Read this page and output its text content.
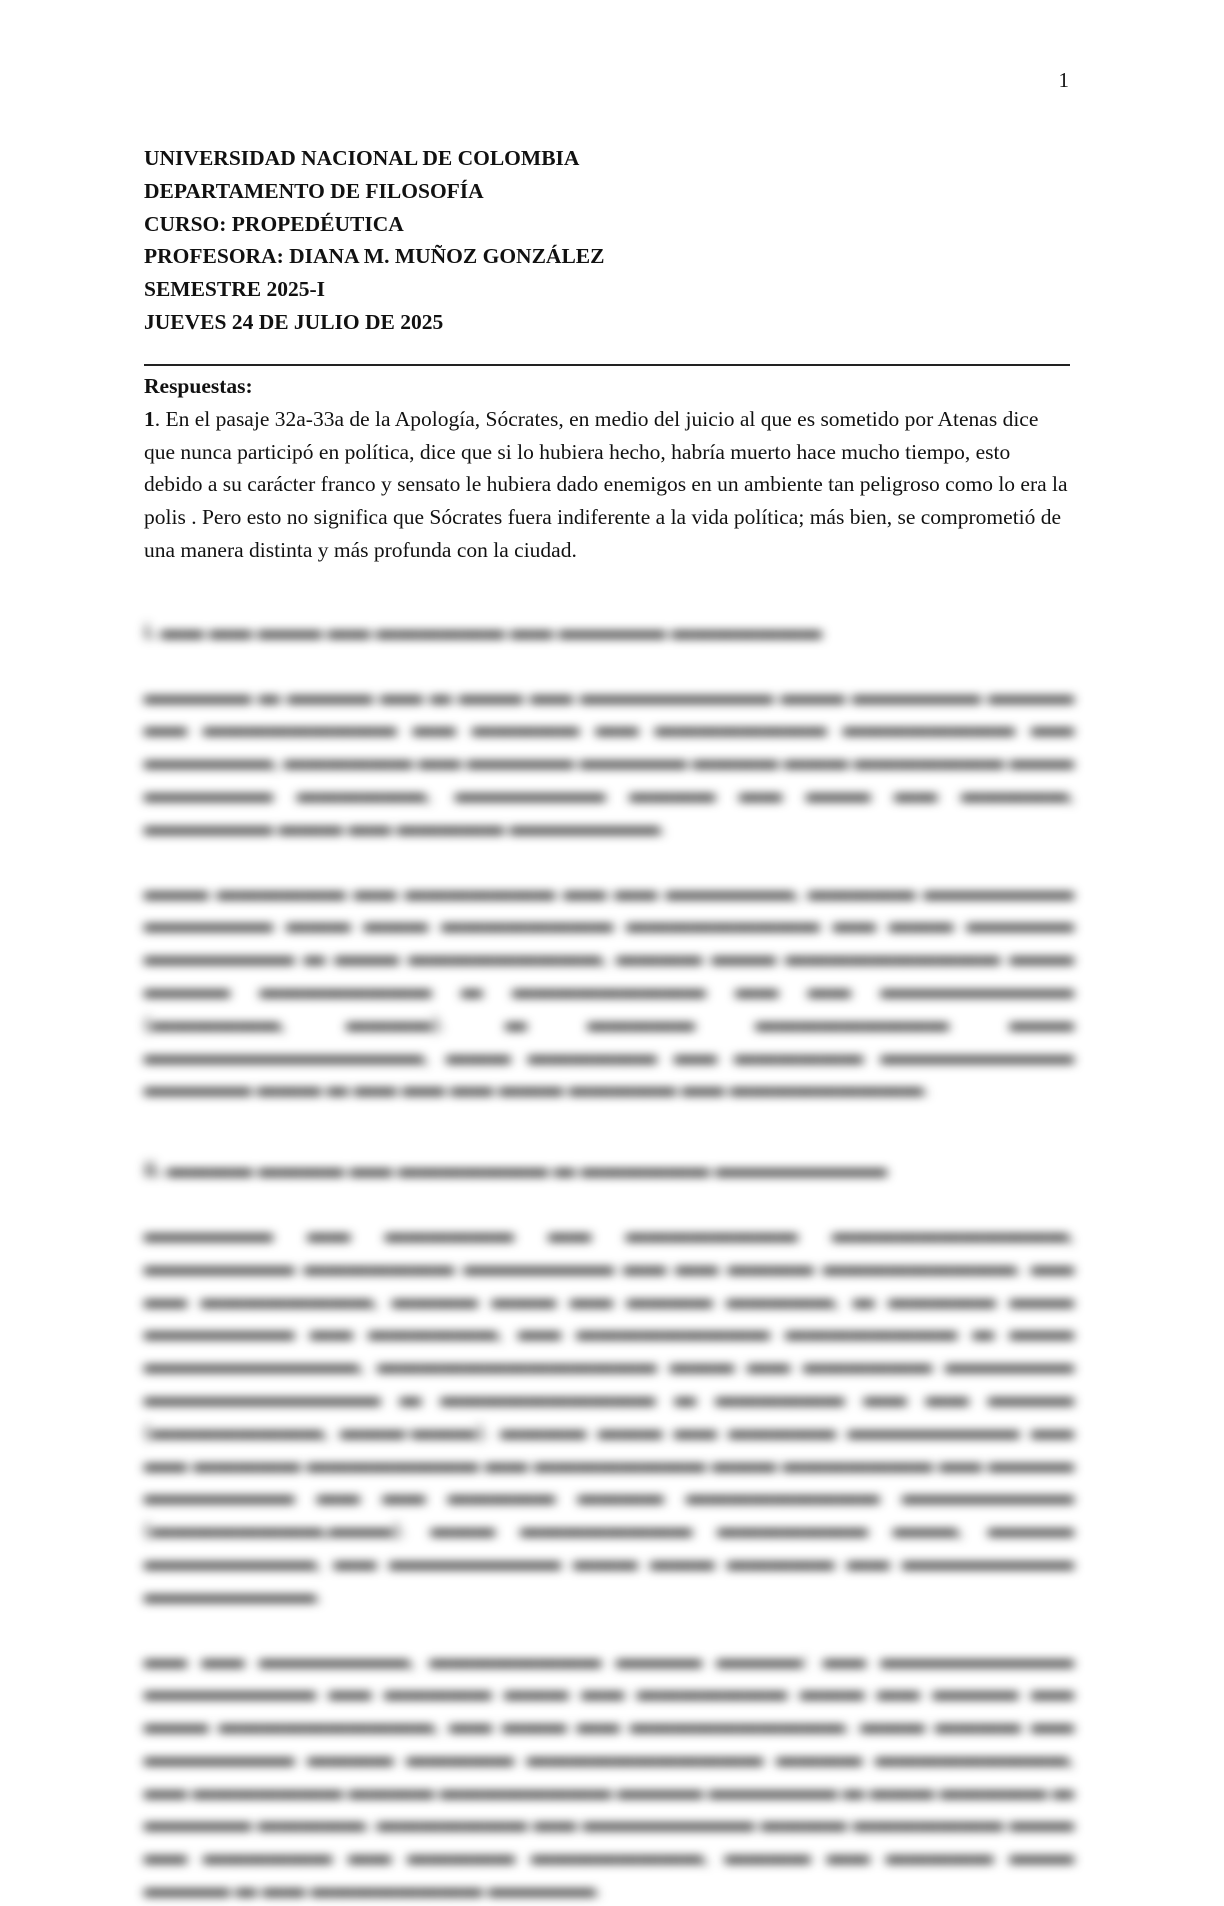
1
UNIVERSIDAD NACIONAL DE COLOMBIA
DEPARTAMENTO DE FILOSOFÍA
CURSO: PROPEDÉUTICA
PROFESORA: DIANA M. MUÑOZ GONZÁLEZ
SEMESTRE 2025-I
JUEVES 24 DE JULIO DE 2025

Respuestas:

1. En el pasaje 32a-33a de la Apología, Sócrates, en medio del juicio al que es sometido por Atenas dice que nunca participó en política, dice que si lo hubiera hecho, habría muerto hace mucho tiempo, esto debido a su carácter franco y sensato le hubiera dado enemigos en un ambiente tan peligroso como lo era la polis . Pero esto no significa que Sócrates fuera indiferente a la vida política; más bien, se comprometió de una manera distinta y más profunda con la ciudad.

i. ▬▬ ▬▬ ▬▬▬ ▬▬ ▬▬▬▬▬▬ ▬▬ ▬▬▬▬▬ ▬▬▬▬▬▬▬

▬▬▬▬▬ ▬ ▬▬▬▬ ▬▬ ▬ ▬▬▬ ▬▬ ▬▬▬▬▬▬▬▬▬ ▬▬▬ ▬▬▬▬▬▬ ▬▬▬▬ ▬▬ ▬▬▬▬▬▬▬▬▬ ▬▬ ▬▬▬▬▬ ▬▬ ▬▬▬▬▬▬▬▬ ▬▬▬▬▬▬▬▬ ▬▬ ▬▬▬▬▬▬, ▬▬▬▬▬▬ ▬▬ ▬▬▬▬▬ ▬▬▬▬▬ ▬▬▬▬ ▬▬▬ ▬▬▬▬▬▬▬ ▬▬▬ ▬▬▬▬▬▬ ▬▬▬▬▬▬, ▬▬▬▬▬▬▬ ▬▬▬▬ ▬▬ ▬▬▬ ▬▬ ▬▬▬▬▬, ▬▬▬▬▬▬ ▬▬▬ ▬▬ ▬▬▬▬▬ ▬▬▬▬▬▬▬.

▬▬▬ ▬▬▬▬▬▬ ▬▬ ▬▬▬▬▬▬▬ ▬▬ ▬▬ ▬▬▬▬▬▬, ▬▬▬▬▬ ▬▬▬▬▬▬▬ ▬▬▬▬▬▬ ▬▬▬ ▬▬▬ ▬▬▬▬▬▬▬▬ ▬▬▬▬▬▬▬▬▬ ▬▬ ▬▬▬ ▬▬▬▬▬ ▬▬▬▬▬▬▬ ▬ ▬▬▬ ▬▬▬▬▬▬▬▬▬, ▬▬▬▬ ▬▬▬ ▬▬▬▬▬▬▬▬▬▬ ▬▬▬ ▬▬▬▬ ▬▬▬▬▬▬▬▬ ▬ ▬▬▬▬▬▬▬▬▬ ▬▬ ▬▬ ▬▬▬▬▬▬▬▬▬ (▬▬▬▬▬▬, ▬▬▬▬). ▬ ▬▬▬▬▬ ▬▬▬▬▬▬▬▬▬ ▬▬▬ ▬▬▬▬▬▬▬▬▬▬▬▬▬, ▬▬▬ ▬▬▬▬▬▬ ▬▬ ▬▬▬▬▬▬ ▬▬▬▬▬▬▬▬▬ ▬▬▬▬▬ ▬▬▬ ▬ ▬▬ ▬▬ ▬▬ ▬▬▬ ▬▬▬▬▬ ▬▬ ▬▬▬▬▬▬▬▬▬.

ii. ▬▬▬▬ ▬▬▬▬ ▬▬ ▬▬▬▬▬▬▬ ▬ ▬▬▬▬▬▬ ▬▬▬▬▬▬▬▬

▬▬▬▬▬▬ ▬▬ ▬▬▬▬▬▬ ▬▬ ▬▬▬▬▬▬▬▬ ▬▬▬▬▬▬▬▬▬▬▬, ▬▬▬▬▬▬▬ ▬▬▬▬▬▬▬ ▬▬▬▬▬▬▬ ▬▬ ▬▬ ▬▬▬▬ ▬▬▬▬▬▬▬▬▬. ▬▬ ▬▬ ▬▬▬▬▬▬▬▬, ▬▬▬▬ ▬▬▬ ▬▬ ▬▬▬▬ ▬▬▬▬▬, ▬ ▬▬▬▬▬ ▬▬▬ ▬▬▬▬▬▬▬ ▬▬ ▬▬▬▬▬▬, ▬▬ ▬▬▬▬▬▬▬▬▬ ▬▬▬▬▬▬▬▬ ▬ ▬▬▬ ▬▬▬▬▬▬▬▬▬▬, ▬▬▬▬▬▬▬▬▬▬▬▬▬ ▬▬▬ ▬▬ ▬▬▬▬▬▬ ▬▬▬▬▬▬ ▬▬▬▬▬▬▬▬▬▬▬ ▬ ▬▬▬▬▬▬▬▬▬▬ ▬ ▬▬▬▬▬▬ ▬▬ ▬▬ ▬▬▬▬ (▬▬▬▬▬▬▬▬, ▬▬▬-▬▬▬). ▬▬▬▬ ▬▬▬ ▬▬ ▬▬▬▬▬ ▬▬▬▬▬▬▬▬ ▬▬ ▬▬ ▬▬▬▬▬ ▬▬▬▬▬▬▬▬ ▬▬ ▬▬▬▬▬▬▬▬ ▬▬▬ ▬▬▬▬▬▬▬ ▬▬ ▬▬▬▬ ▬▬▬▬▬▬▬ ▬▬ ▬▬ ▬▬▬▬▬ ▬▬▬▬ ▬▬▬▬▬▬▬▬▬ ▬▬▬▬▬▬▬▬ (▬▬▬▬▬▬▬▬,▬▬▬). ▬▬▬ ▬▬▬▬▬▬▬▬ ▬▬▬▬▬▬▬ ▬▬▬, ▬▬▬▬ ▬▬▬▬▬▬▬▬, ▬▬ ▬▬▬▬▬▬▬▬ ▬▬▬ ▬▬▬ ▬▬▬▬▬ ▬▬ ▬▬▬▬▬▬▬▬ ▬▬▬▬▬▬▬▬.

▬▬ ▬▬ ▬▬▬▬▬▬▬, ▬▬▬▬▬▬▬▬ ▬▬▬▬ ▬▬▬▬: ▬▬ ▬▬▬▬▬▬▬▬▬ ▬▬▬▬▬▬▬▬ ▬▬ ▬▬▬▬▬ ▬▬▬ ▬▬ ▬▬▬▬▬▬▬ ▬▬▬ ▬▬ ▬▬▬▬ ▬▬ ▬▬▬ ▬▬▬▬▬▬▬▬▬▬, ▬▬ ▬▬▬ ▬▬ ▬▬▬▬▬▬▬▬▬▬. ▬▬▬ ▬▬▬▬ ▬▬ ▬▬▬▬▬▬▬ ▬▬▬▬ ▬▬▬▬▬ ▬▬▬▬▬▬▬▬▬▬▬ ▬▬▬▬ ▬▬▬▬▬▬▬▬▬, ▬▬ ▬▬▬▬▬▬▬ ▬▬▬▬ ▬▬▬▬▬▬▬▬ ▬▬▬▬ ▬▬▬▬▬▬ ▬ ▬▬▬ ▬▬▬▬▬ ▬ ▬▬▬▬▬ ▬▬▬▬▬. ▬▬▬▬▬▬▬ ▬▬ ▬▬▬▬▬▬▬▬ ▬▬▬▬ ▬▬▬▬▬▬▬ ▬▬▬ ▬▬ ▬▬▬▬▬▬ ▬▬ ▬▬▬▬▬ ▬▬▬▬▬▬▬▬, ▬▬▬▬ ▬▬ ▬▬▬▬▬ ▬▬▬ ▬▬▬▬ ▬ ▬▬ ▬▬▬▬▬▬▬▬ ▬▬▬▬▬.
